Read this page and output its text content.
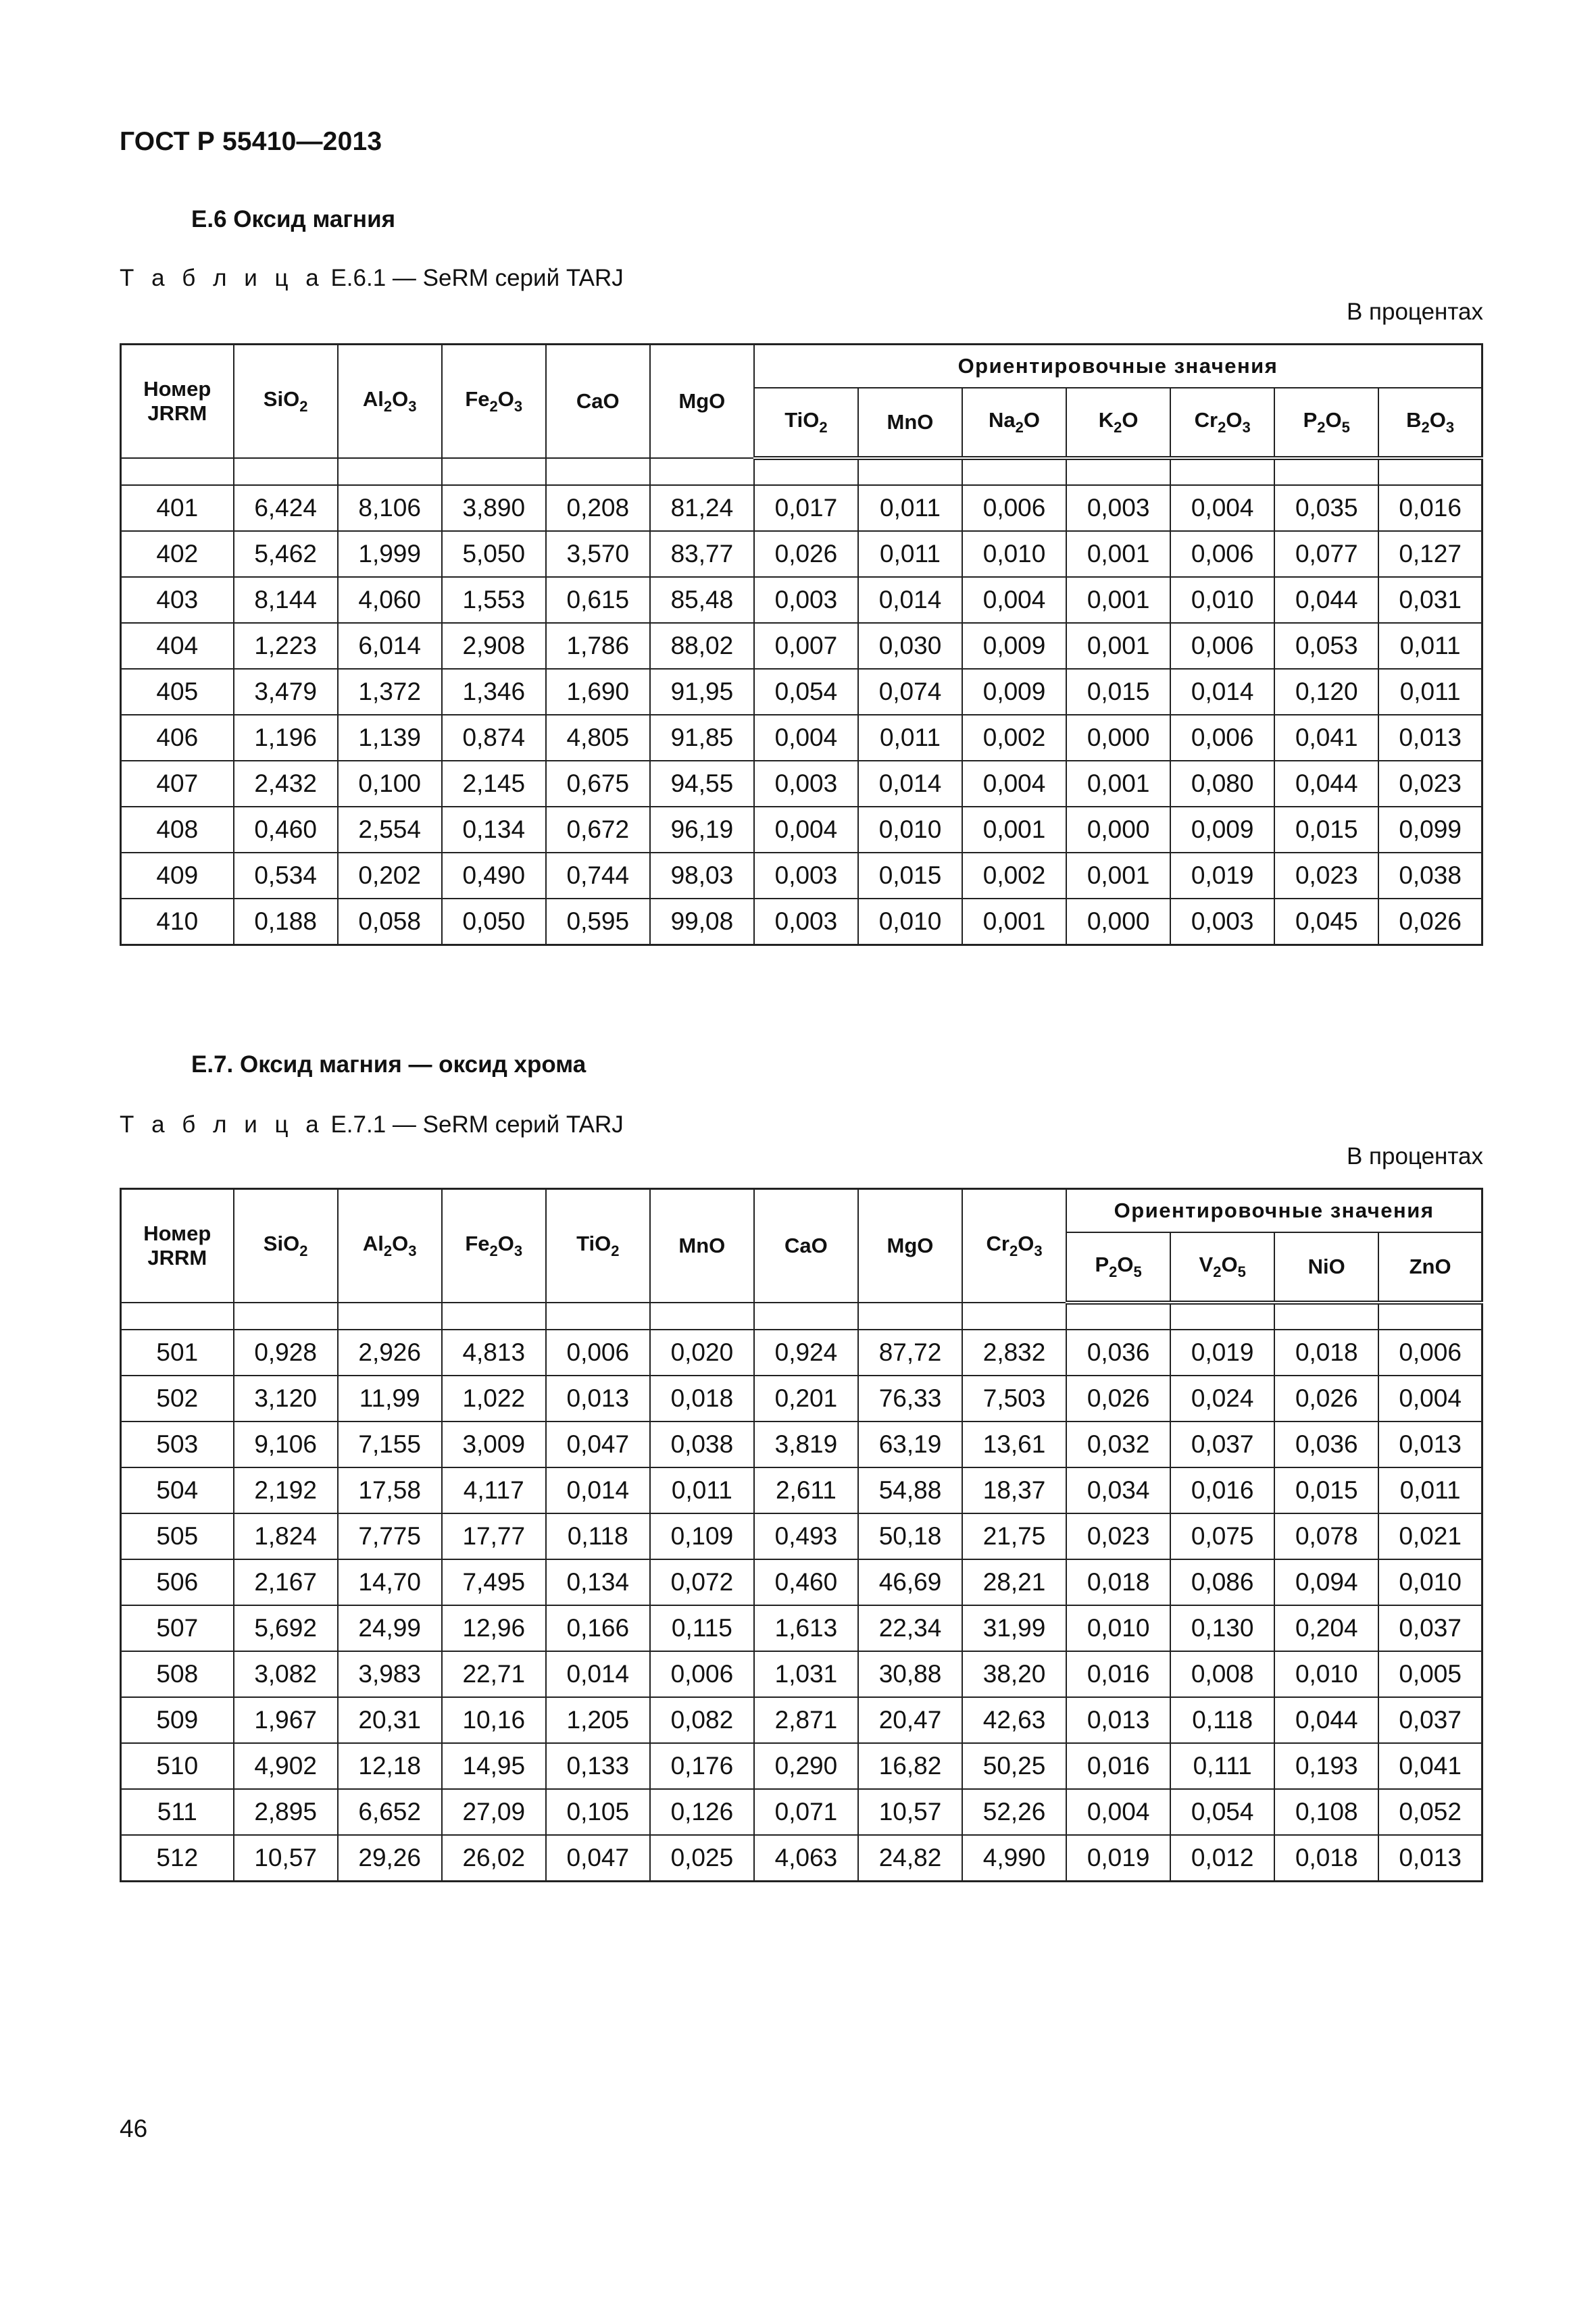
ГОСТ Р 55410—2013
Е.6 Оксид магния
Т а б л и ц а Е.6.1 — SeRM серий TARJ
В процентах
Номер JRRM	SiO$_2$	$Al_2O_3$	$Fe_2O_3$	CaO	MgO	Ориентировочные значения						
						TiO$_2$	MnO	$Na_2O$	$K_2O$	$Cr_2O_3$	$P_2O_5$	$B_2O_3$

401	6,424	8,106	3,890	0,208	81,24	0,017	0,011	0,006	0,003	0,004	0,035	0,016
402	5,462	1,999	5,050	3,570	83,77	0,026	0,011	0,010	0,001	0,006	0,077	0,127
403	8,144	4,060	1,553	0,615	85,48	0,003	0,014	0,004	0,001	0,010	0,044	0,031
404	1,223	6,014	2,908	1,786	88,02	0,007	0,030	0,009	0,001	0,006	0,053	0,011
405	3,479	1,372	1,346	1,690	91,95	0,054	0,074	0,009	0,015	0,014	0,120	0,011
406	1,196	1,139	0,874	4,805	91,85	0,004	0,011	0,002	0,000	0,006	0,041	0,013
407	2,432	0,100	2,145	0,675	94,55	0,003	0,014	0,004	0,001	0,080	0,044	0,023
408	0,460	2,554	0,134	0,672	96,19	0,004	0,010	0,001	0,000	0,009	0,015	0,099
409	0,534	0,202	0,490	0,744	98,03	0,003	0,015	0,002	0,001	0,019	0,023	0,038
410	0,188	0,058	0,050	0,595	99,08	0,003	0,010	0,001	0,000	0,003	0,045	0,026
Е.7. Оксид магния — оксид хрома
Т а б л и ц а Е.7.1 — SeRM серий TARJ
В процентах
Номер JRRM	SiO$_2$	$Al_2O_3$	$Fe_2O_3$	TiO$_2$	MnO	CaO	MgO	$Cr_2O_3$	Ориентировочные значения			
									$P_2O_5$	$V_2O_5$	NiO	ZnO

501	0,928	2,926	4,813	0,006	0,020	0,924	87,72	2,832	0,036	0,019	0,018	0,006
502	3,120	11,99	1,022	0,013	0,018	0,201	76,33	7,503	0,026	0,024	0,026	0,004
503	9,106	7,155	3,009	0,047	0,038	3,819	63,19	13,61	0,032	0,037	0,036	0,013
504	2,192	17,58	4,117	0,014	0,011	2,611	54,88	18,37	0,034	0,016	0,015	0,011
505	1,824	7,775	17,77	0,118	0,109	0,493	50,18	21,75	0,023	0,075	0,078	0,021
506	2,167	14,70	7,495	0,134	0,072	0,460	46,69	28,21	0,018	0,086	0,094	0,010
507	5,692	24,99	12,96	0,166	0,115	1,613	22,34	31,99	0,010	0,130	0,204	0,037
508	3,082	3,983	22,71	0,014	0,006	1,031	30,88	38,20	0,016	0,008	0,010	0,005
509	1,967	20,31	10,16	1,205	0,082	2,871	20,47	42,63	0,013	0,118	0,044	0,037
510	4,902	12,18	14,95	0,133	0,176	0,290	16,82	50,25	0,016	0,111	0,193	0,041
511	2,895	6,652	27,09	0,105	0,126	0,071	10,57	52,26	0,004	0,054	0,108	0,052
512	10,57	29,26	26,02	0,047	0,025	4,063	24,82	4,990	0,019	0,012	0,018	0,013
46
